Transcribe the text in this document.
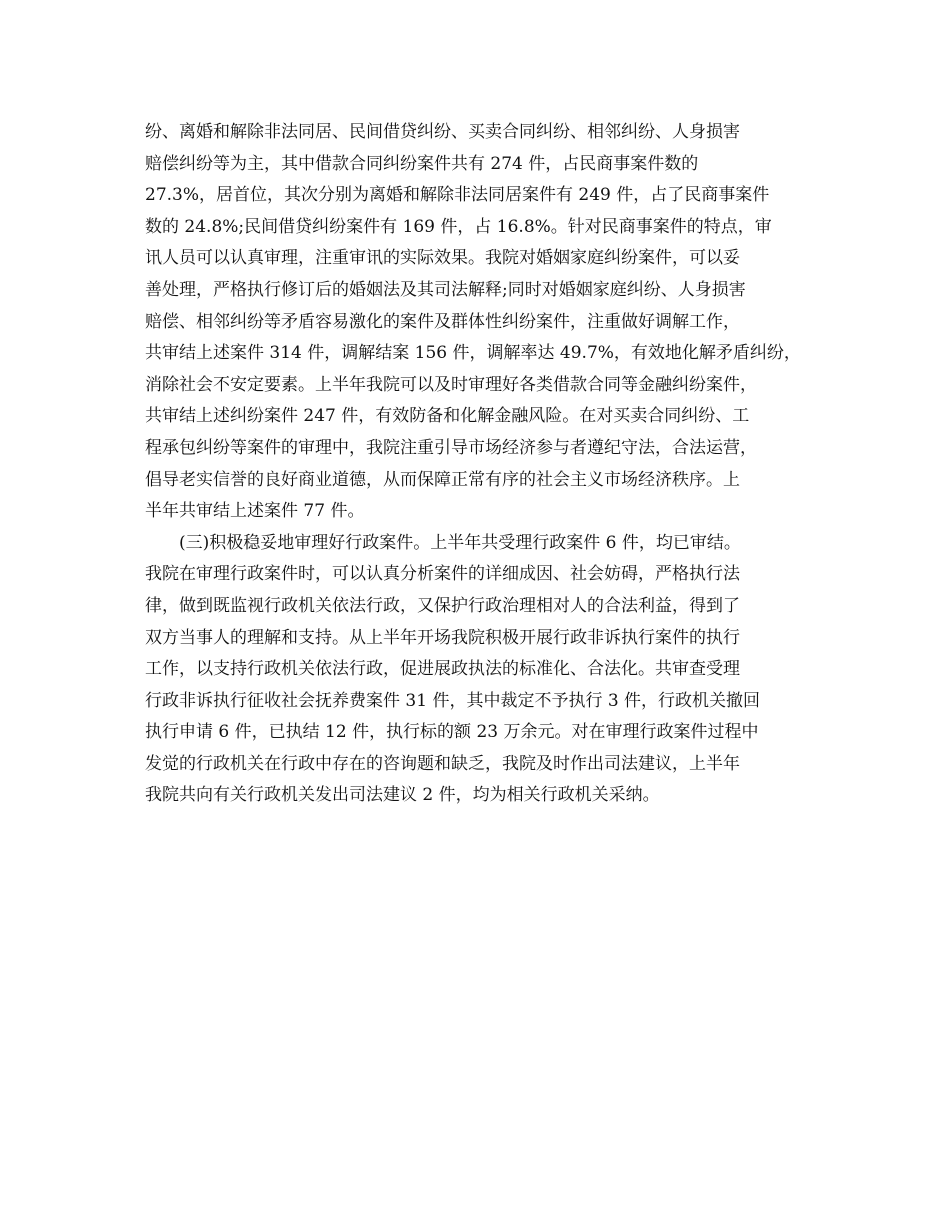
纷、离婚和解除非法同居、民间借贷纠纷、买卖合同纠纷、相邻纠纷、人身损害
赔偿纠纷等为主，其中借款合同纠纷案件共有 274 件，占民商事案件数的
27.3%，居首位，其次分别为离婚和解除非法同居案件有 249 件，占了民商事案件
数的 24.8%;民间借贷纠纷案件有 169 件，占 16.8%。针对民商事案件的特点，审
讯人员可以认真审理，注重审讯的实际效果。我院对婚姻家庭纠纷案件，可以妥
善处理，严格执行修订后的婚姻法及其司法解释;同时对婚姻家庭纠纷、人身损害
赔偿、相邻纠纷等矛盾容易激化的案件及群体性纠纷案件，注重做好调解工作，
共审结上述案件 314 件，调解结案 156 件，调解率达 49.7%，有效地化解矛盾纠纷，
消除社会不安定要素。上半年我院可以及时审理好各类借款合同等金融纠纷案件，
共审结上述纠纷案件 247 件，有效防备和化解金融风险。在对买卖合同纠纷、工
程承包纠纷等案件的审理中，我院注重引导市场经济参与者遵纪守法，合法运营，
倡导老实信誉的良好商业道德，从而保障正常有序的社会主义市场经济秩序。上
半年共审结上述案件 77 件。
(三)积极稳妥地审理好行政案件。上半年共受理行政案件 6 件，均已审结。
我院在审理行政案件时，可以认真分析案件的详细成因、社会妨碍，严格执行法
律，做到既监视行政机关依法行政，又保护行政治理相对人的合法利益，得到了
双方当事人的理解和支持。从上半年开场我院积极开展行政非诉执行案件的执行
工作，以支持行政机关依法行政，促进展政执法的标准化、合法化。共审查受理
行政非诉执行征收社会抚养费案件 31 件，其中裁定不予执行 3 件，行政机关撤回
执行申请 6 件，已执结 12 件，执行标的额 23 万余元。对在审理行政案件过程中
发觉的行政机关在行政中存在的咨询题和缺乏，我院及时作出司法建议，上半年
我院共向有关行政机关发出司法建议 2 件，均为相关行政机关采纳。
